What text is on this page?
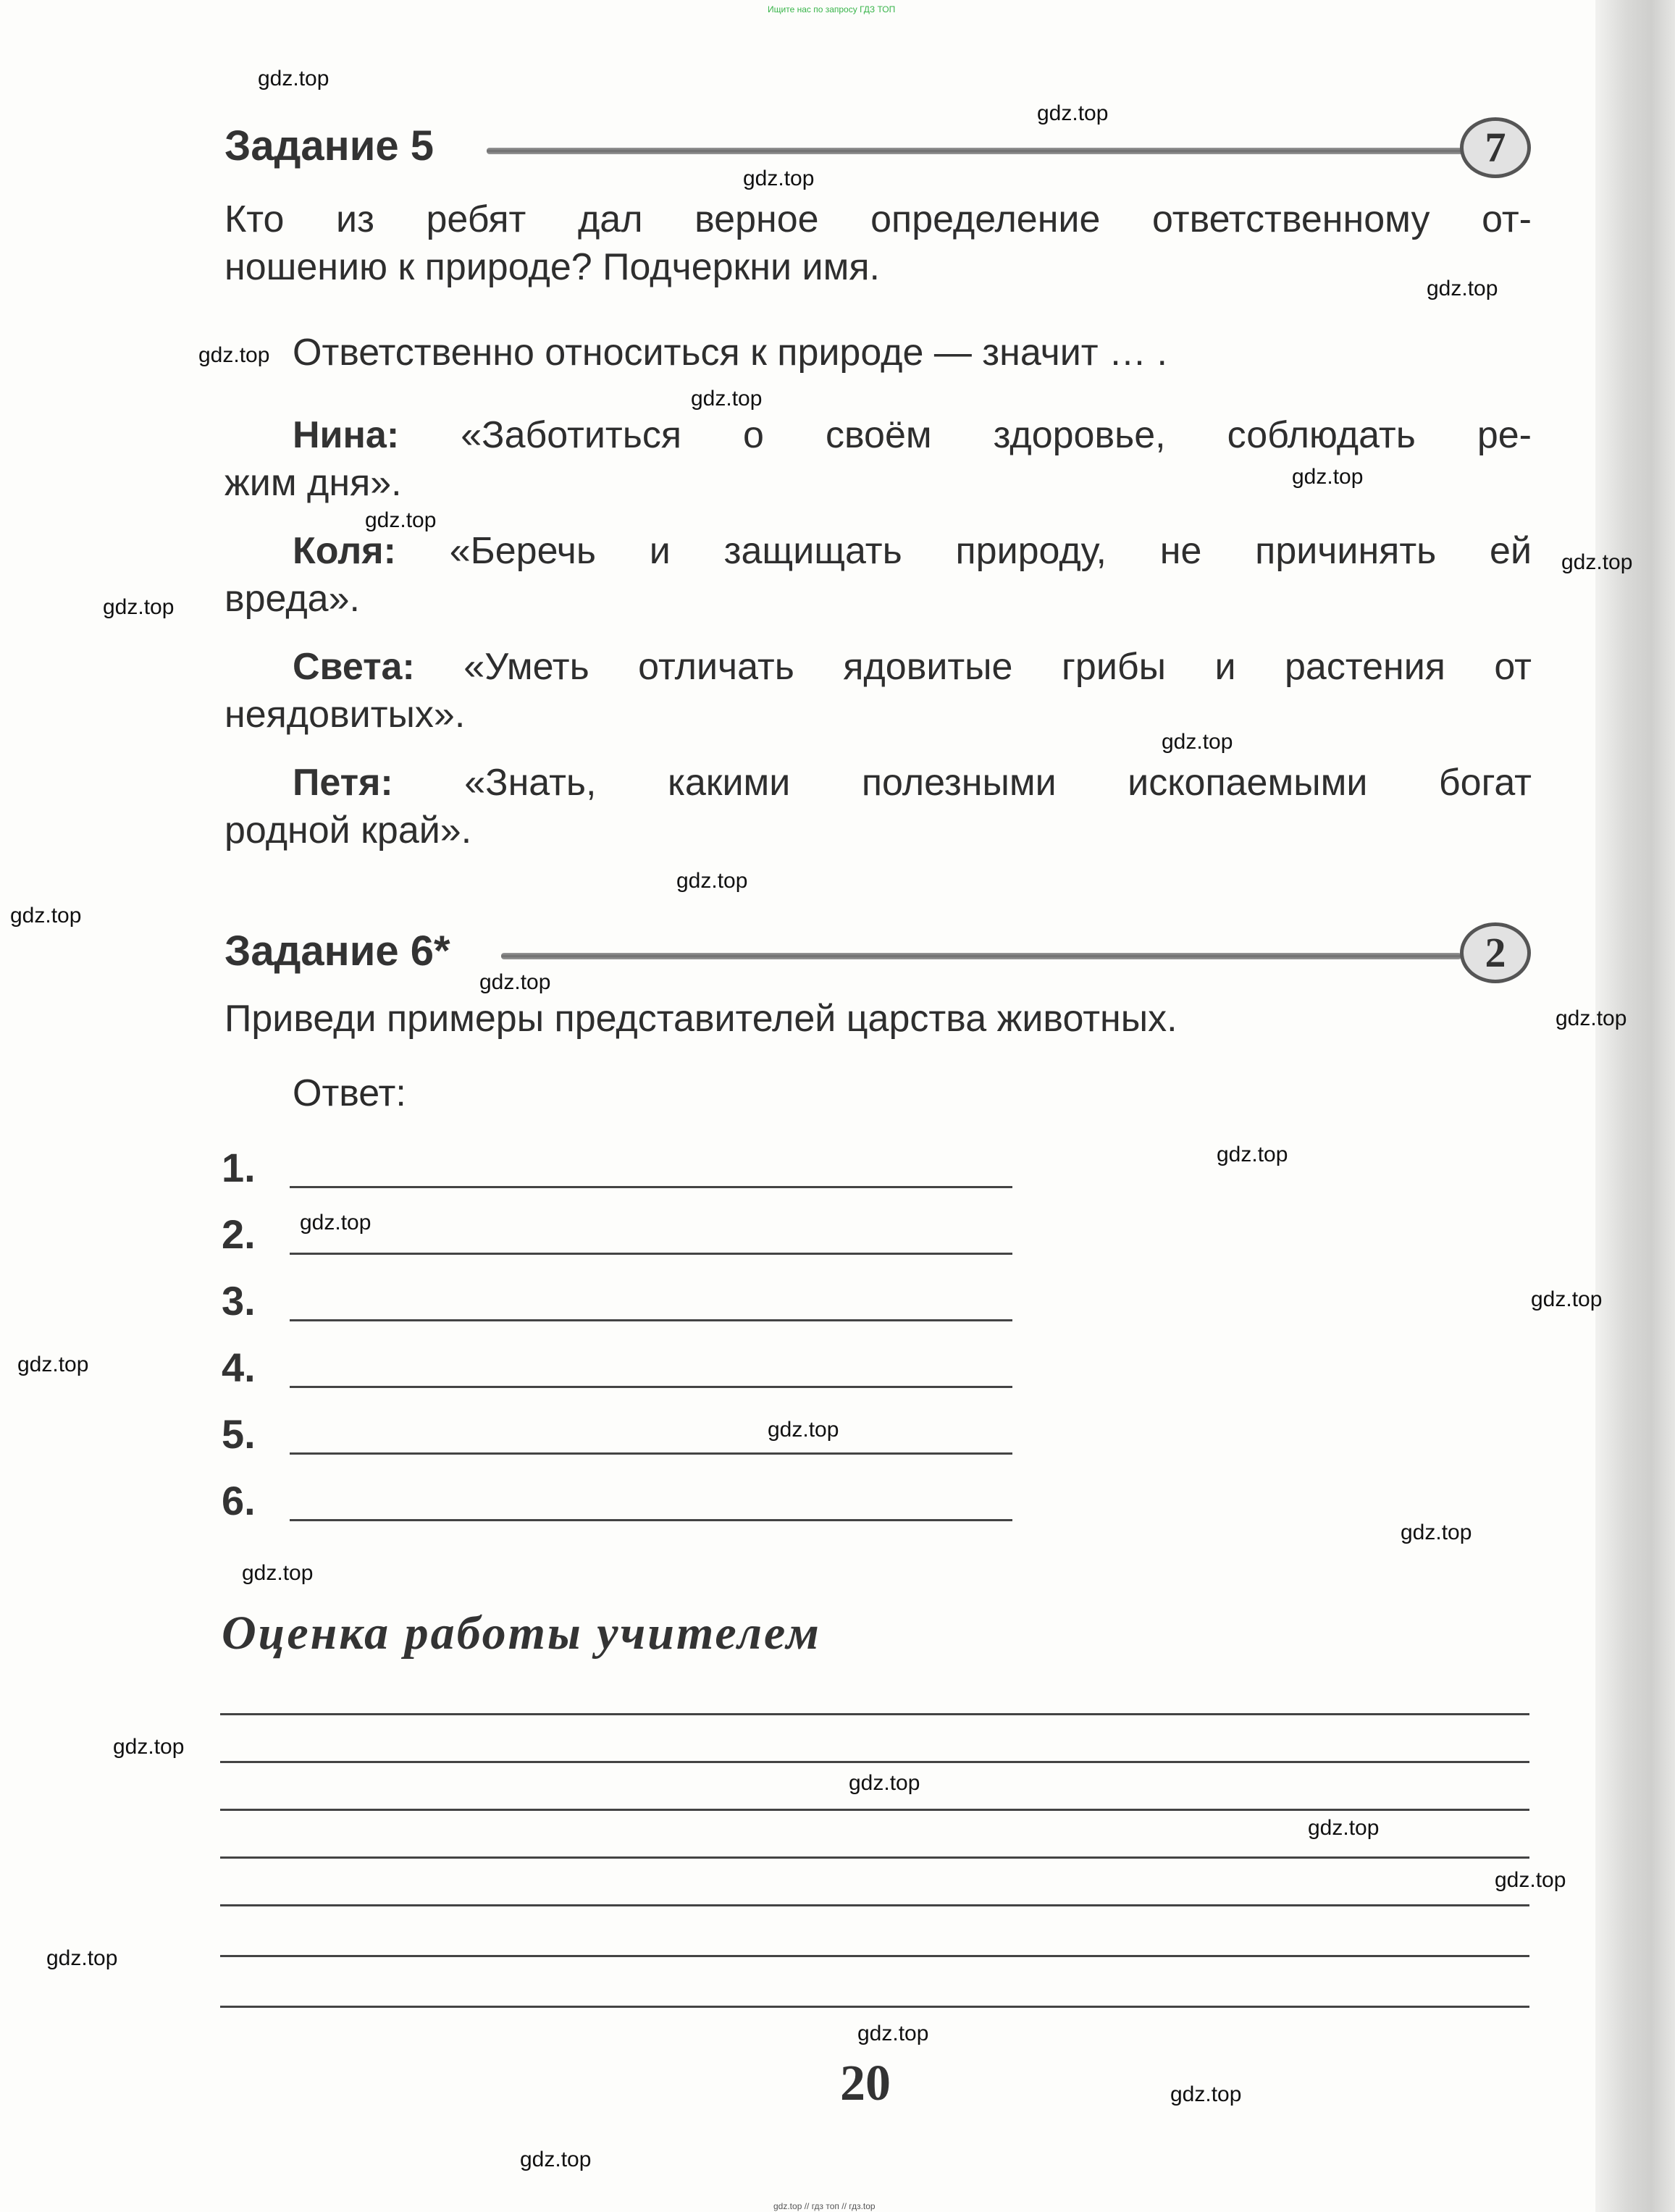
Ищите нас по запросу ГДЗ ТОП
Задание 5	7
Кто из ребят дал верное определение ответственному от-
ношению к природе? Подчеркни имя.
Ответственно относиться к природе — значит … .
Нина: «Заботиться о своём здоровье, соблюдать ре-
жим дня».
Коля: «Беречь и защищать природу, не причинять ей
вреда».
Света: «Уметь отличать ядовитые грибы и растения от
неядовитых».
Петя: «Знать, какими полезными ископаемыми богат
родной край».
Задание 6*	2
Приведи примеры представителей царства животных.
Ответ:
1.
2.
3.
4.
5.
6.
Оценка работы учителем
20
gdz.top
gdz.top
gdz.top
gdz.top
gdz.top
gdz.top
gdz.top
gdz.top
gdz.top
gdz.top
gdz.top
gdz.top
gdz.top
gdz.top
gdz.top
gdz.top
gdz.top
gdz.top
gdz.top
gdz.top
gdz.top
gdz.top
gdz.top
gdz.top
gdz.top
gdz.top
gdz.top
gdz.top
gdz.top
gdz.top
gdz.top // гдз топ // гдз.top
